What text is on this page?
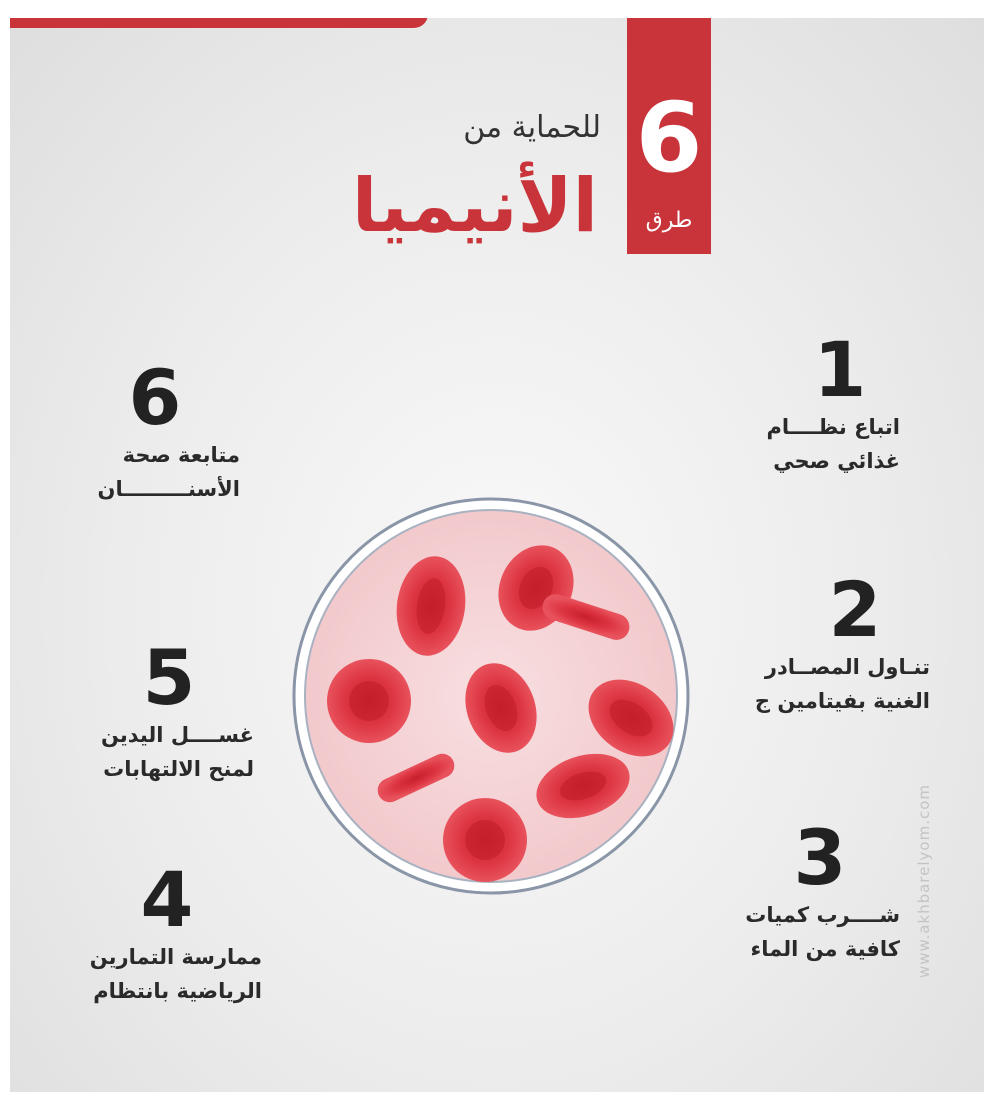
6
طرق
للحماية من
الأنيميا
1
اتباع نظــــام
غذائي صحي
2
تنـاول المصــادر
الغنية بفيتامين ج
3
شــــرب كميات
كافية من الماء
6
متابعة صحة
الأسنـــــــــان
5
غســــل اليدين
لمنح الالتهابات
4
ممارسة التمارين
الرياضية بانتظام
www.akhbarelyom.com
